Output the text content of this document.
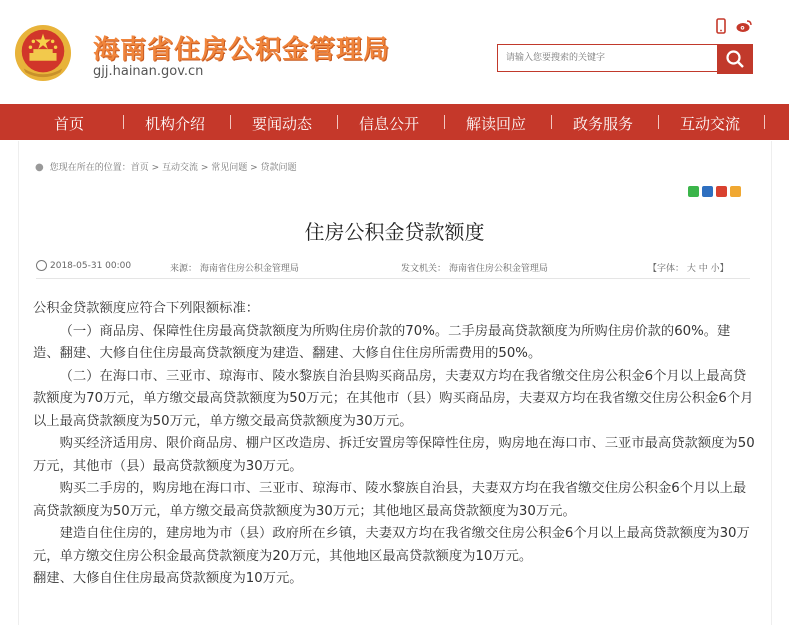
海南省住房公积金管理局
gjj.hainan.gov.cn
请输入您要搜索的关键字
首页	机构介绍	要闻动态	信息公开	解读回应	政务服务	互动交流
● 您现在所在的位置：首页 > 互动交流 > 常见问题 > 贷款问题
住房公积金贷款额度
2018-05-31 00:00	来源： 海南省住房公积金管理局	发文机关： 海南省住房公积金管理局	【字体： 大 中 小】

公积金贷款额度应符合下列限额标准：

（一）商品房、保障性住房最高贷款额度为所购住房价款的70%。二手房最高贷款额度为所购住房价款的60%。建造、翻建、大修自住住房最高贷款额度为建造、翻建、大修自住住房所需费用的50%。

（二）在海口市、三亚市、琼海市、陵水黎族自治县购买商品房，夫妻双方均在我省缴交住房公积金6个月以上最高贷款额度为70万元，单方缴交最高贷款额度为50万元；在其他市（县）购买商品房，夫妻双方均在我省缴交住房公积金6个月以上最高贷款额度为50万元，单方缴交最高贷款额度为30万元。

购买经济适用房、限价商品房、棚户区改造房、拆迁安置房等保障性住房，购房地在海口市、三亚市最高贷款额度为50万元，其他市（县）最高贷款额度为30万元。

购买二手房的，购房地在海口市、三亚市、琼海市、陵水黎族自治县，夫妻双方均在我省缴交住房公积金6个月以上最高贷款额度为50万元，单方缴交最高贷款额度为30万元；其他地区最高贷款额度为30万元。

建造自住住房的，建房地为市（县）政府所在乡镇，夫妻双方均在我省缴交住房公积金6个月以上最高贷款额度为30万元，单方缴交住房公积金最高贷款额度为20万元，其他地区最高贷款额度为10万元。

翻建、大修自住住房最高贷款额度为10万元。
